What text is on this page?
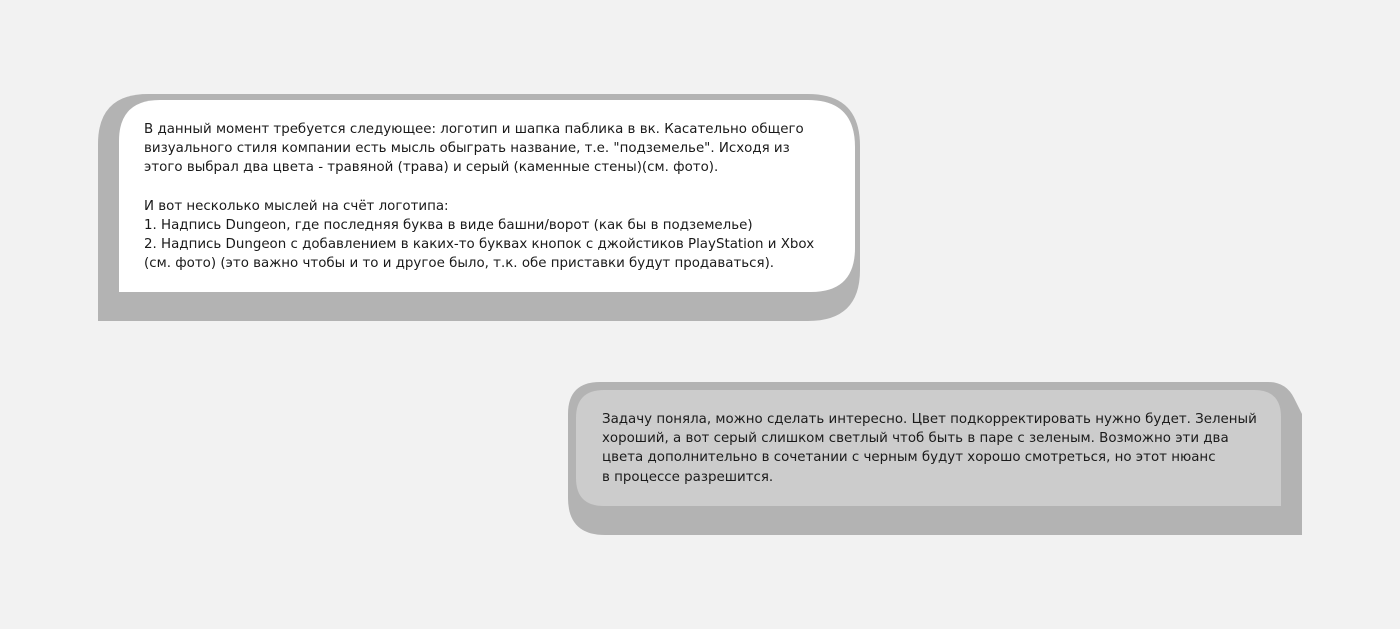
В данный момент требуется следующее: логотип и шапка паблика в вк. Касательно общего
визуального стиля компании есть мысль обыграть название, т.е. "подземелье". Исходя из
этого выбрал два цвета - травяной (трава) и серый (каменные стены)(см. фото).
И вот несколько мыслей на счёт логотипа:
1. Надпись Dungeon, где последняя буква в виде башни/ворот (как бы в подземелье)
2. Надпись Dungeon с добавлением в каких-то буквах кнопок с джойстиков PlayStation и Xbox
(см. фото) (это важно чтобы и то и другое было, т.к. обе приставки будут продаваться).
Задачу поняла, можно сделать интересно. Цвет подкорректировать нужно будет. Зеленый
хороший, а вот серый слишком светлый чтоб быть в паре с зеленым. Возможно эти два
цвета дополнительно в сочетании с черным будут хорошо смотреться, но этот нюанс
в процессе разрешится.
